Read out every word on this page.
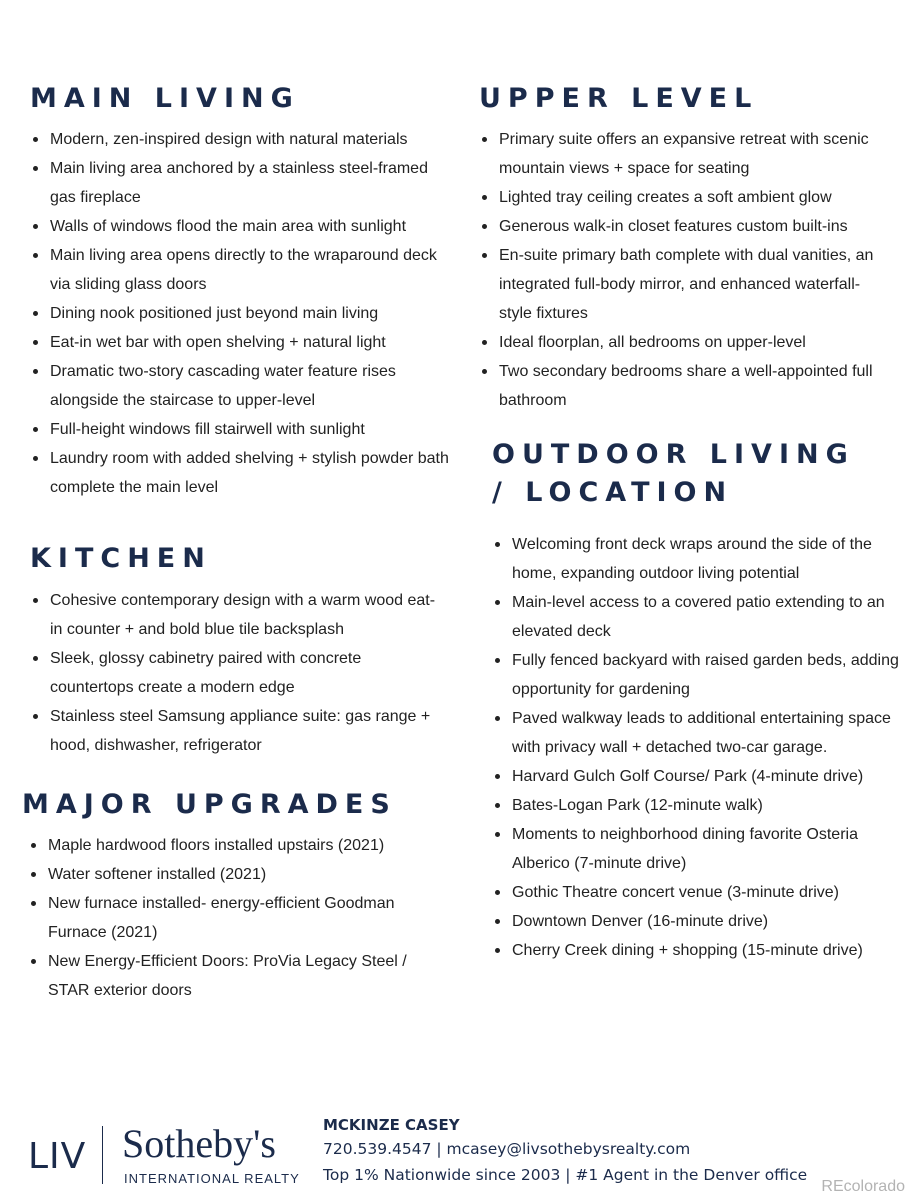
MAIN LIVING
Modern, zen-inspired design with natural materials
Main living area anchored by a stainless steel-framed gas fireplace
Walls of windows flood the main area with sunlight
Main living area opens directly to the wraparound deck via sliding glass doors
Dining nook positioned just beyond main living
Eat-in wet bar with open shelving + natural light
Dramatic two-story cascading water feature rises alongside the staircase to upper-level
Full-height windows fill stairwell with sunlight
Laundry room with added shelving + stylish powder bath complete the main level
KITCHEN
Cohesive contemporary design with a warm wood eat-in counter + and bold blue tile backsplash
Sleek, glossy cabinetry paired with concrete countertops create a modern edge
Stainless steel Samsung appliance suite: gas range + hood, dishwasher, refrigerator
MAJOR UPGRADES
Maple hardwood floors installed upstairs (2021)
Water softener installed (2021)
New furnace installed- energy-efficient Goodman Furnace (2021)
New Energy-Efficient Doors: ProVia Legacy Steel / STAR exterior doors
UPPER LEVEL
Primary suite offers an expansive retreat with scenic mountain views + space for seating
Lighted tray ceiling creates a soft ambient glow
Generous walk-in closet features custom built-ins
En-suite primary bath complete with dual vanities, an integrated full-body mirror, and enhanced waterfall-style fixtures
Ideal floorplan, all bedrooms on upper-level
Two secondary bedrooms share a well-appointed full bathroom
OUTDOOR LIVING / LOCATION
Welcoming front deck wraps around the side of the home, expanding outdoor living potential
Main-level access to a covered patio extending to an elevated deck
Fully fenced backyard with raised garden beds, adding opportunity for gardening
Paved walkway leads to additional entertaining space with privacy wall + detached two-car garage.
Harvard Gulch Golf Course/ Park (4-minute drive)
Bates-Logan Park (12-minute walk)
Moments to neighborhood dining favorite Osteria Alberico (7-minute drive)
Gothic Theatre concert venue (3-minute drive)
Downtown Denver (16-minute drive)
Cherry Creek dining + shopping (15-minute drive)
LIV Sotheby's
INTERNATIONAL REALTY
MCKINZE CASEY
720.539.4547 | mcasey@livsothebysrealty.com
Top 1% Nationwide since 2003 | #1 Agent in the Denver office
REcolorado
